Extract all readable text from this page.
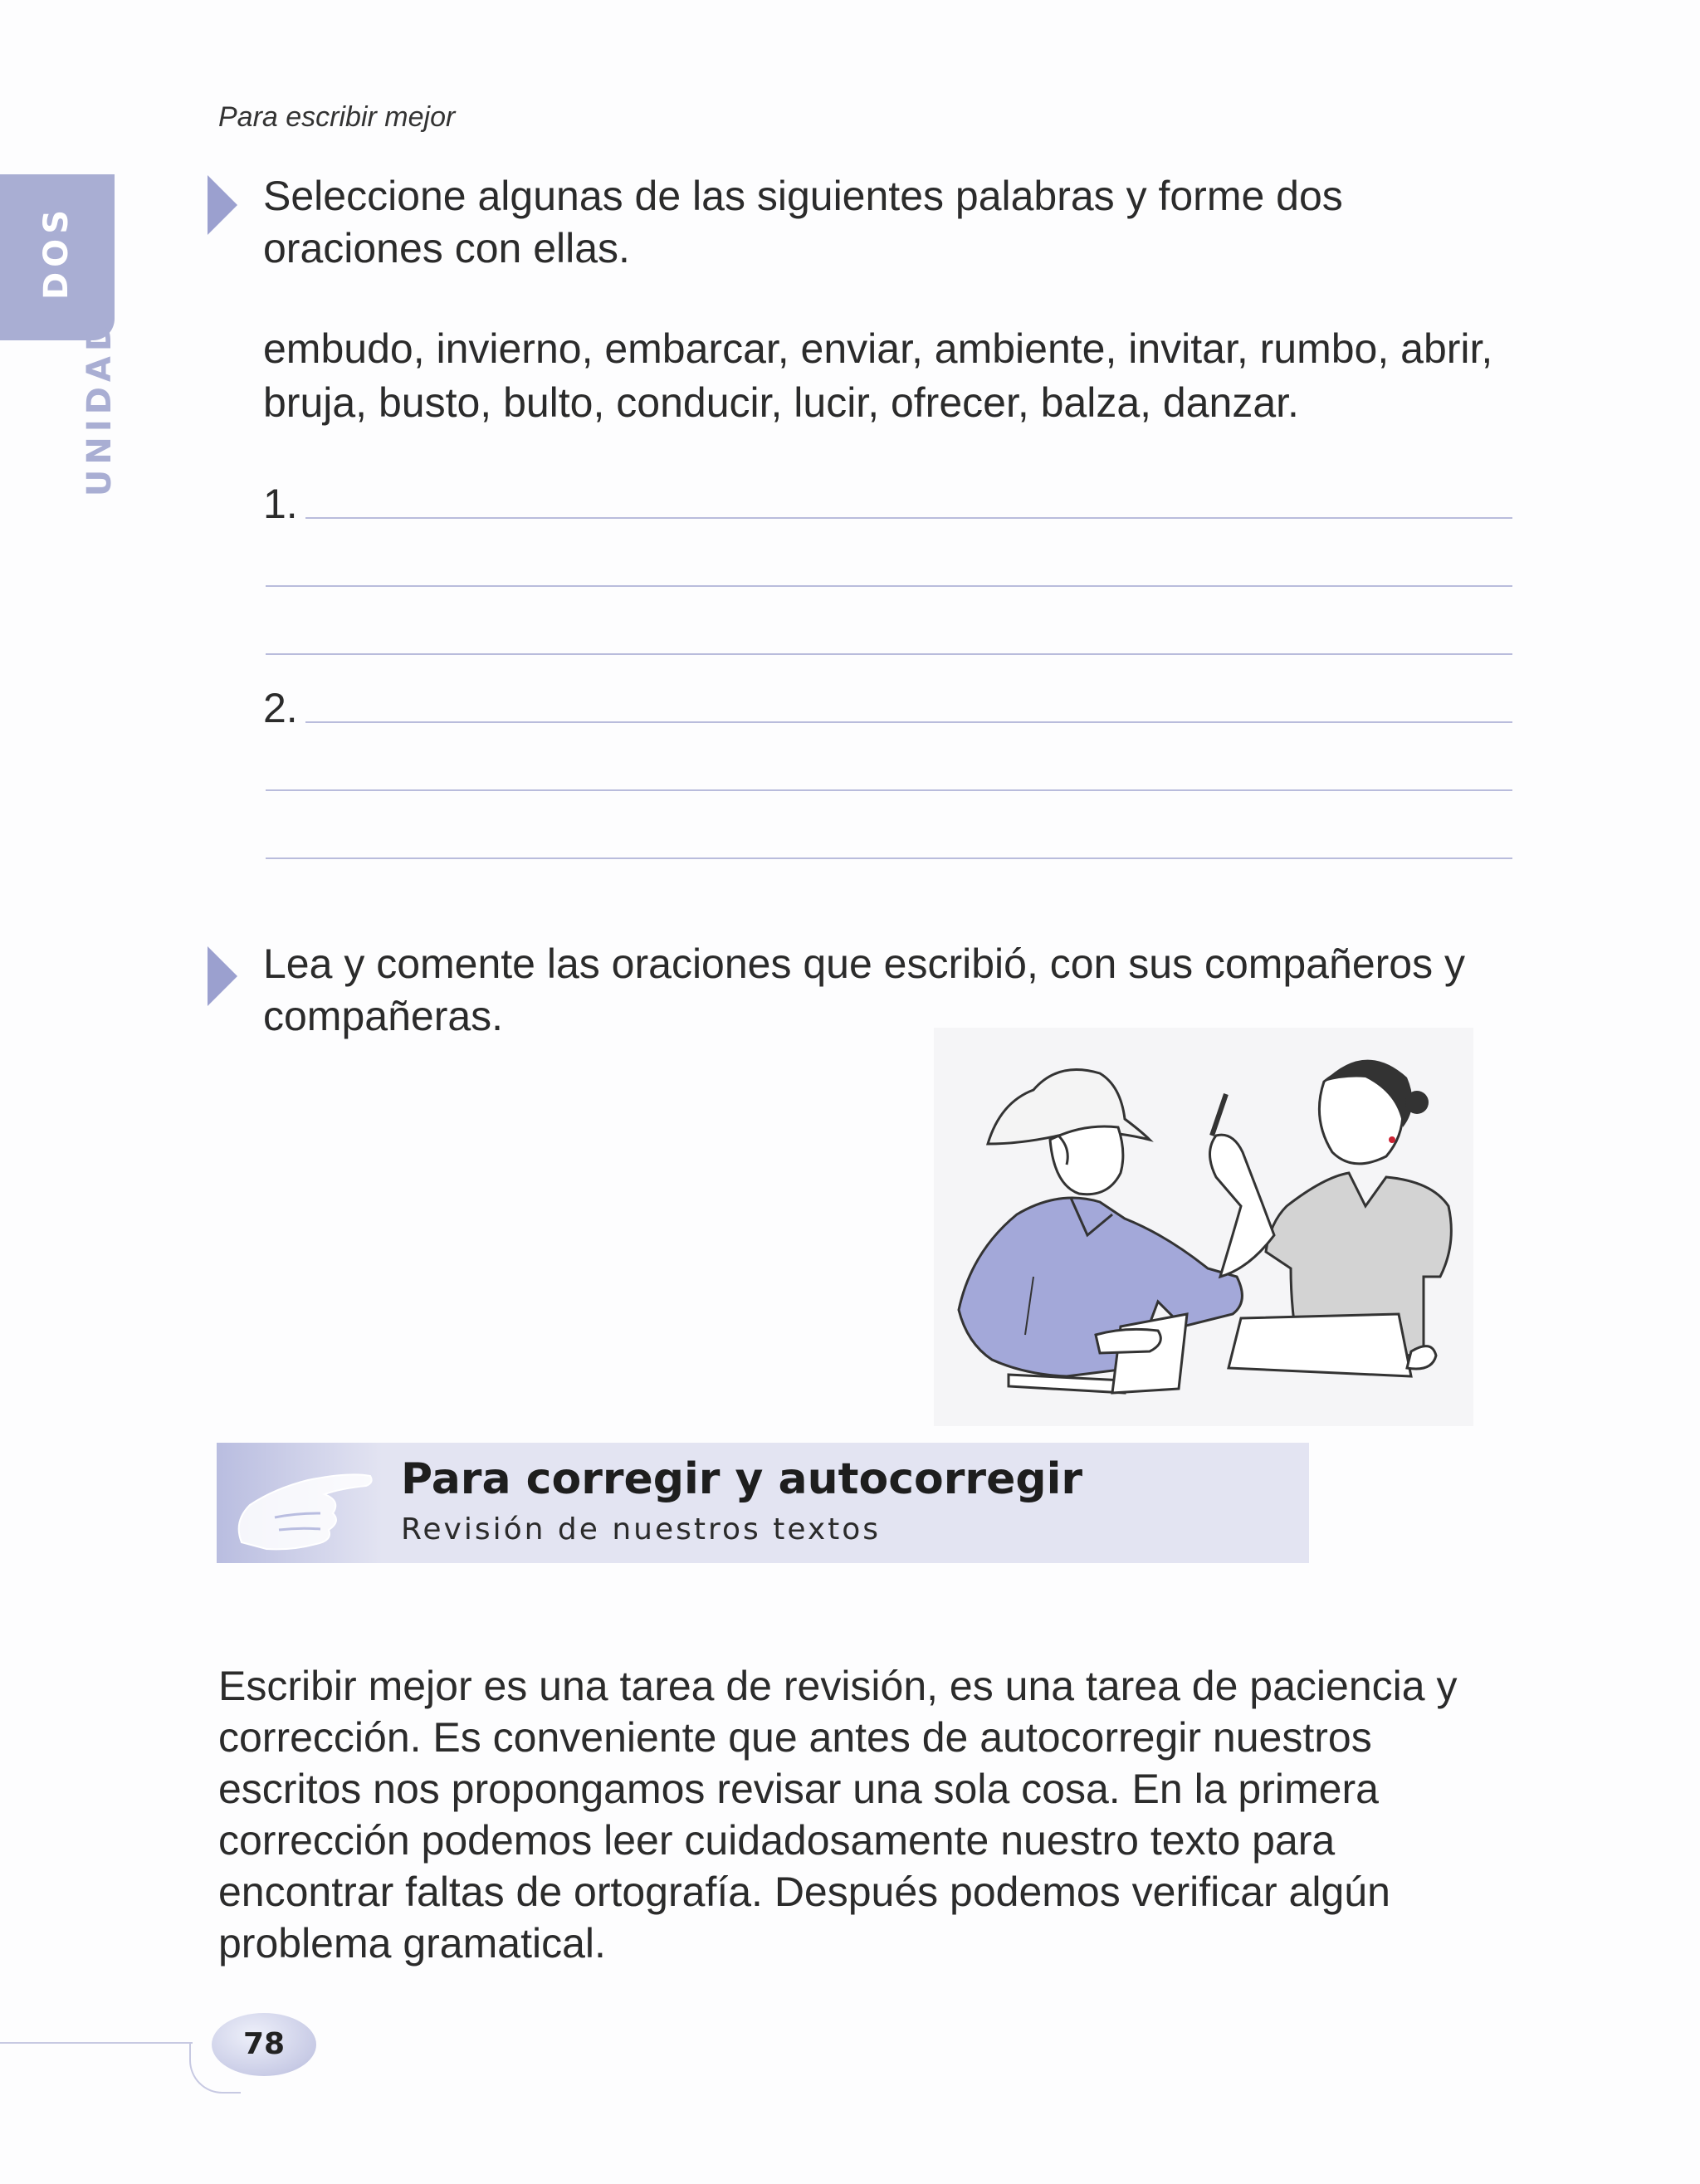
Para escribir mejor
DOS
UNIDAD
Seleccione algunas de las siguientes palabras y forme dos oraciones con ellas.
embudo, invierno, embarcar, enviar, ambiente, invitar, rumbo, abrir, bruja, busto, bulto, conducir, lucir, ofrecer, balza, danzar.
1.
2.
Lea y comente las oraciones que escribió, con sus compañeros y compañeras.
Para corregir y autocorregir
Revisión de nuestros textos
Escribir mejor es una tarea de revisión, es una tarea de paciencia y corrección. Es conveniente que antes de autocorregir nuestros escritos nos propongamos revisar una sola cosa. En la primera corrección podemos leer cuidadosamente nuestro texto para encontrar faltas de ortografía. Después podemos verificar algún problema gramatical.
78
